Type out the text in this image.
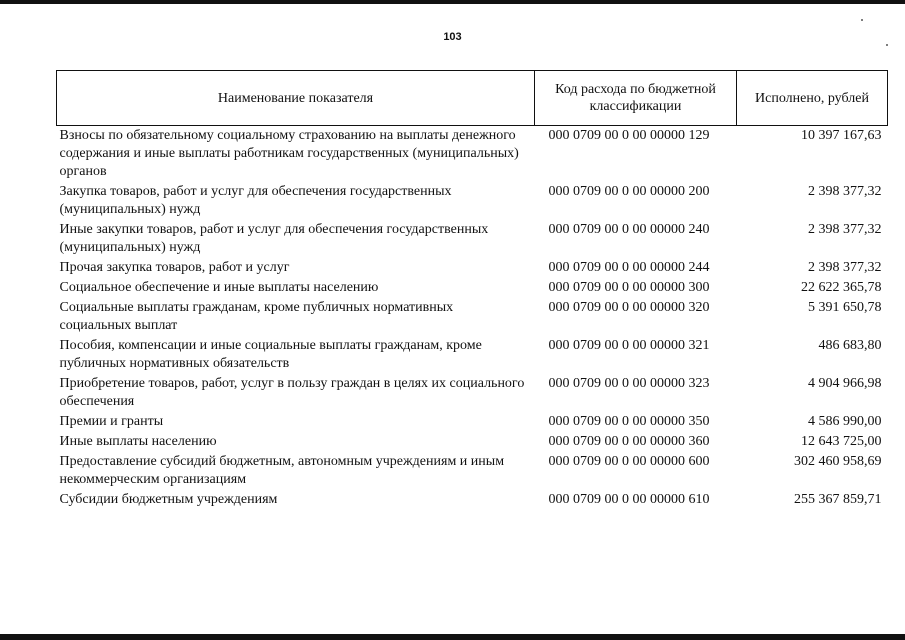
103
Наименование показателя	Код расхода по бюджетной классификации	Исполнено, рублей
Взносы по обязательному социальному страхованию на выплаты денежного содержания и иные выплаты работникам государственных (муниципальных) органов	000 0709 00 0 00 00000 129	10 397 167,63
Закупка товаров, работ и услуг для обеспечения государственных (муниципальных) нужд	000 0709 00 0 00 00000 200	2 398 377,32
Иные закупки товаров, работ и услуг для обеспечения государственных (муниципальных) нужд	000 0709 00 0 00 00000 240	2 398 377,32
Прочая закупка товаров, работ и услуг	000 0709 00 0 00 00000 244	2 398 377,32
Социальное обеспечение и иные выплаты населению	000 0709 00 0 00 00000 300	22 622 365,78
Социальные выплаты гражданам, кроме публичных нормативных социальных выплат	000 0709 00 0 00 00000 320	5 391 650,78
Пособия, компенсации и иные социальные выплаты гражданам, кроме публичных нормативных обязательств	000 0709 00 0 00 00000 321	486 683,80
Приобретение товаров, работ, услуг в пользу граждан в целях их социального обеспечения	000 0709 00 0 00 00000 323	4 904 966,98
Премии и гранты	000 0709 00 0 00 00000 350	4 586 990,00
Иные выплаты населению	000 0709 00 0 00 00000 360	12 643 725,00
Предоставление субсидий бюджетным, автономным учреждениям и иным некоммерческим организациям	000 0709 00 0 00 00000 600	302 460 958,69
Субсидии бюджетным учреждениям	000 0709 00 0 00 00000 610	255 367 859,71
